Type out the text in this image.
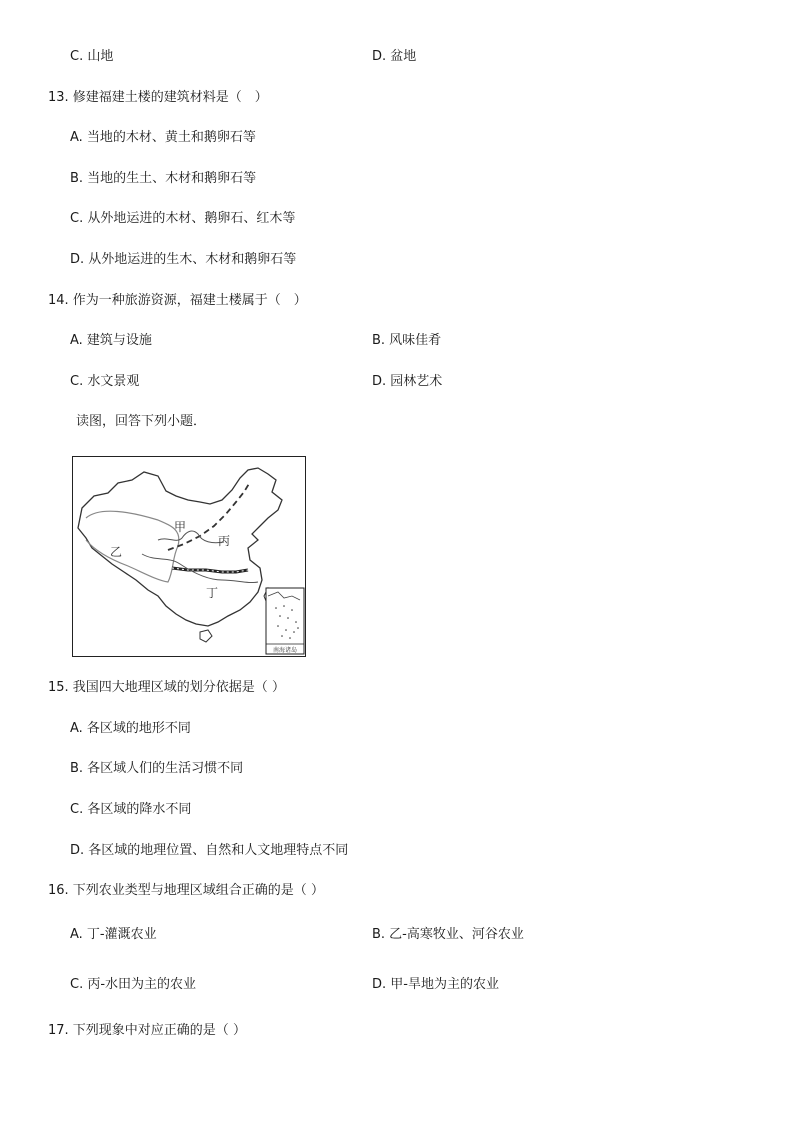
C. 山地	D. 盆地
13. 修建福建土楼的建筑材料是（　）
A. 当地的木材、黄土和鹅卵石等
B. 当地的生土、木材和鹅卵石等
C. 从外地运进的木材、鹅卵石、红木等
D. 从外地运进的生木、木材和鹅卵石等
14. 作为一种旅游资源，福建土楼属于（　）
A. 建筑与设施	B. 风味佳肴
C. 水文景观	D. 园林艺术
读图，回答下列小题．
甲
乙
丙
丁
南海诸岛
15. 我国四大地理区域的划分依据是（ ）
A. 各区域的地形不同
B. 各区域人们的生活习惯不同
C. 各区域的降水不同
D. 各区域的地理位置、自然和人文地理特点不同
16. 下列农业类型与地理区域组合正确的是（ ）
A. 丁-灌溉农业	B. 乙-高寒牧业、河谷农业
C. 丙-水田为主的农业	D. 甲-旱地为主的农业
17. 下列现象中对应正确的是（ ）
